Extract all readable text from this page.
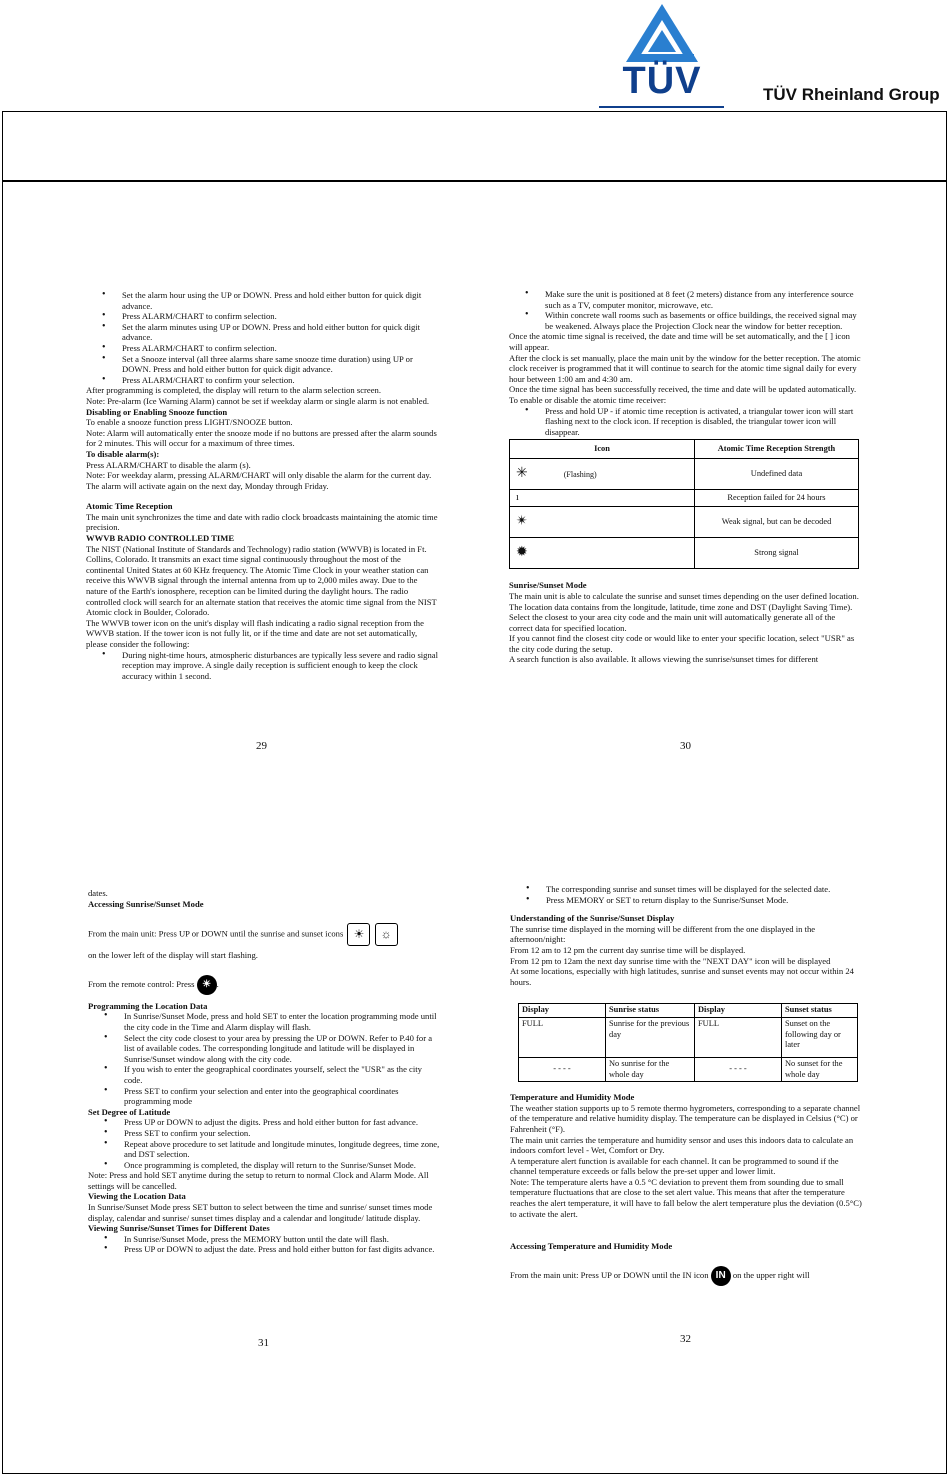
TÜV	TÜV Rheinland Group
• Set the alarm hour using the UP or DOWN. Press and hold either button for quick digit advance.
• Press ALARM/CHART to confirm selection.
• Set the alarm minutes using UP or DOWN. Press and hold either button for quick digit advance.
• Press ALARM/CHART to confirm selection.
• Set a Snooze interval (all three alarms share same snooze time duration) using UP or DOWN. Press and hold either button for quick digit advance.
• Press ALARM/CHART to confirm your selection.

After programming is completed, the display will return to the alarm selection screen.

Note: Pre-alarm (Ice Warning Alarm) cannot be set if weekday alarm or single alarm is not enabled.

Disabling or Enabling Snooze function

To enable a snooze function press LIGHT/SNOOZE button.

Note: Alarm will automatically enter the snooze mode if no buttons are pressed after the alarm sounds for 2 minutes. This will occur for a maximum of three times.

To disable alarm(s):

Press ALARM/CHART to disable the alarm (s).

Note: For weekday alarm, pressing ALARM/CHART will only disable the alarm for the current day. The alarm will activate again on the next day, Monday through Friday.

Atomic Time Reception

The main unit synchronizes the time and date with radio clock broadcasts maintaining the atomic time precision.

WWVB RADIO CONTROLLED TIME

The NIST (National Institute of Standards and Technology) radio station (WWVB) is located in Ft. Collins, Colorado. It transmits an exact time signal continuously throughout the most of the continental United States at 60 KHz frequency. The Atomic Time Clock in your weather station can receive this WWVB signal through the internal antenna from up to 2,000 miles away. Due to the nature of the Earth's ionosphere, reception can be limited during the daylight hours. The radio controlled clock will search for an alternate station that receives the atomic time signal from the NIST Atomic clock in Boulder, Colorado.

The WWVB tower icon on the unit's display will flash indicating a radio signal reception from the WWVB station. If the tower icon is not fully lit, or if the time and date are not set automatically, please consider the following:

• During night-time hours, atmospheric disturbances are typically less severe and radio signal reception may improve. A single daily reception is sufficient enough to keep the clock accuracy within 1 second.
29
• Make sure the unit is positioned at 8 feet (2 meters) distance from any interference source such as a TV, computer monitor, microwave, etc.
• Within concrete wall rooms such as basements or office buildings, the received signal may be weakened. Always place the Projection Clock near the window for better reception.

Once the atomic time signal is received, the date and time will be set automatically, and the [ ] icon will appear.

After the clock is set manually, place the main unit by the window for the better reception. The atomic clock receiver is programmed that it will continue to search for the atomic time signal daily for every hour between 1:00 am and 4:30 am.

Once the time signal has been successfully received, the time and date will be updated automatically.

To enable or disable the atomic time receiver:

• Press and hold UP - if atomic time reception is activated, a triangular tower icon will start flashing next to the clock icon. If reception is disabled, the triangular tower icon will disappear.
Icon	Atomic Time Reception Strength
✳ (Flashing)	Undefined data
ı	Reception failed for 24 hours
✴	Weak signal, but can be decoded
✹	Strong signal

Sunrise/Sunset Mode

The main unit is able to calculate the sunrise and sunset times depending on the user defined location. The location data contains from the longitude, latitude, time zone and DST (Daylight Saving Time).

Select the closest to your area city code and the main unit will automatically generate all of the correct data for specified location.

If you cannot find the closest city code or would like to enter your specific location, select "USR" as the city code during the setup.

A search function is also available. It allows viewing the sunrise/sunset times for different

30

dates.

Accessing Sunrise/Sunset Mode

From the main unit: Press UP or DOWN until the sunrise and sunset icons ☀ ☼

on the lower left of the display will start flashing.

From the remote control: Press ☀ .

Programming the Location Data

• In Sunrise/Sunset Mode, press and hold SET to enter the location programming mode until the city code in the Time and Alarm display will flash.
• Select the city code closest to your area by pressing the UP or DOWN. Refer to P.40 for a list of available codes. The corresponding longitude and latitude will be displayed in Sunrise/Sunset window along with the city code.
• If you wish to enter the geographical coordinates yourself, select the "USR" as the city code.
• Press SET to confirm your selection and enter into the geographical coordinates programming mode

Set Degree of Latitude

• Press UP or DOWN to adjust the digits. Press and hold either button for fast advance.
• Press SET to confirm your selection.
• Repeat above procedure to set latitude and longitude minutes, longitude degrees, time zone, and DST selection.
• Once programming is completed, the display will return to the Sunrise/Sunset Mode.

Note: Press and hold SET anytime during the setup to return to normal Clock and Alarm Mode. All settings will be cancelled.

Viewing the Location Data

In Sunrise/Sunset Mode press SET button to select between the time and sunrise/ sunset times mode display, calendar and sunrise/ sunset times display and a calendar and longitude/ latitude display.

Viewing Sunrise/Sunset Times for Different Dates

• In Sunrise/Sunset Mode, press the MEMORY button until the date will flash.
• Press UP or DOWN to adjust the date. Press and hold either button for fast digits advance.
31
• The corresponding sunrise and sunset times will be displayed for the selected date.
• Press MEMORY or SET to return display to the Sunrise/Sunset Mode.

Understanding of the Sunrise/Sunset Display

The sunrise time displayed in the morning will be different from the one displayed in the afternoon/night:

From 12 am to 12 pm the current day sunrise time will be displayed.

From 12 pm to 12am the next day sunrise time with the "NEXT DAY" icon will be displayed

At some locations, especially with high latitudes, sunrise and sunset events may not occur within 24 hours.

Display	Sunrise status	Display	Sunset status
FULL	Sunrise for the previous day	FULL	Sunset on the following day or later
- - - -	No sunrise for the whole day	- - - -	No sunset for the whole day

Temperature and Humidity Mode

The weather station supports up to 5 remote thermo hygrometers, corresponding to a separate channel of the temperature and relative humidity display. The temperature can be displayed in Celsius (°C) or Fahrenheit (°F).

The main unit carries the temperature and humidity sensor and uses this indoors data to calculate an indoors comfort level - Wet, Comfort or Dry.

A temperature alert function is available for each channel. It can be programmed to sound if the channel temperature exceeds or falls below the pre-set upper and lower limit.

Note: The temperature alerts have a 0.5 °C deviation to prevent them from sounding due to small temperature fluctuations that are close to the set alert value. This means that after the temperature reaches the alert temperature, it will have to fall below the alert temperature plus the deviation (0.5°C) to activate the alert.

Accessing Temperature and Humidity Mode

From the main unit: Press UP or DOWN until the IN icon IN on the upper right will

32
